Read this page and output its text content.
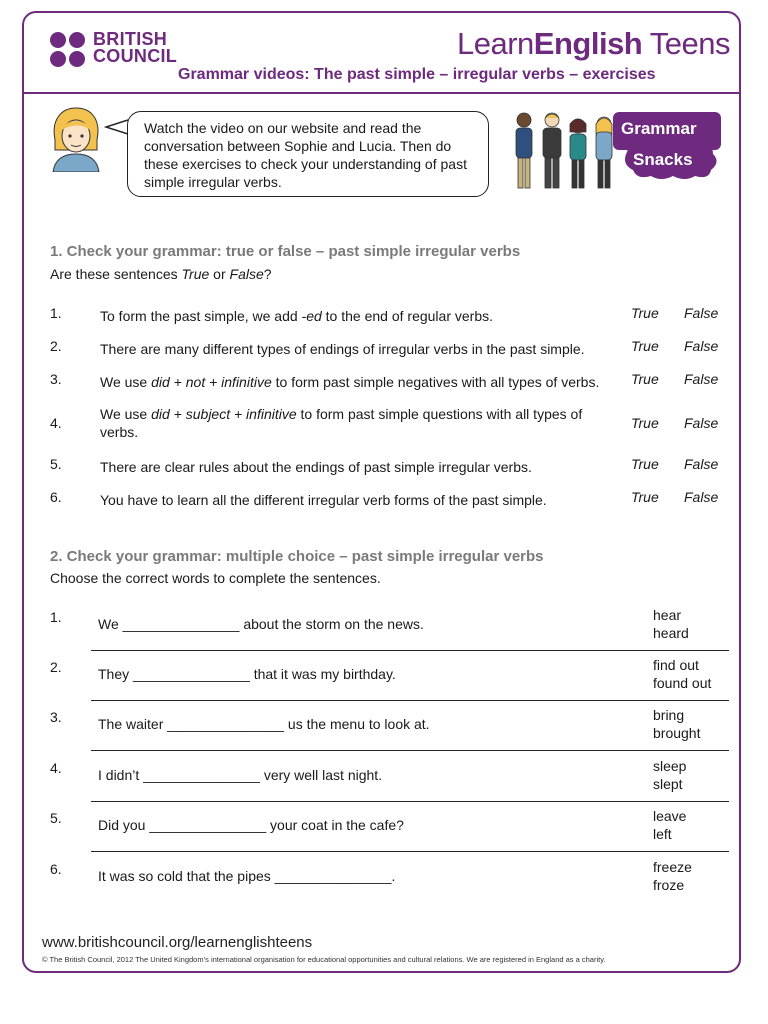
BRITISH
COUNCIL	LearnEnglish Teens
Grammar videos: The past simple – irregular verbs – exercises
Watch the video on our website and read the conversation between Sophie and Lucia. Then do these exercises to check your understanding of past simple irregular verbs.
Grammar
Snacks
1. Check your grammar: true or false – past simple irregular verbs
Are these sentences True or False?
1.	To form the past simple, we add -ed to the end of regular verbs.	True False
2.	There are many different types of endings of irregular verbs in the past simple.	True False
3.	We use did + not + infinitive to form past simple negatives with all types of verbs.	True False
4.
We use did + subject + infinitive to form past simple questions with all types of verbs.
True False
5.	There are clear rules about the endings of past simple irregular verbs.	True False
6.	You have to learn all the different irregular verb forms of the past simple.	True False
2. Check your grammar: multiple choice – past simple irregular verbs
Choose the correct words to complete the sentences.
1.	We _______________ about the storm on the news.
hear
heard
2.	They _______________ that it was my birthday.
find out
found out
3.	The waiter _______________ us the menu to look at.
bring
brought
4.	I didn’t _______________ very well last night.
sleep
slept
5.	Did you _______________ your coat in the cafe?
leave
left
6.	It was so cold that the pipes _______________.
freeze
froze
www.britishcouncil.org/learnenglishteens
© The British Council, 2012 The United Kingdom’s international organisation for educational opportunities and cultural relations. We are registered in England as a charity.
